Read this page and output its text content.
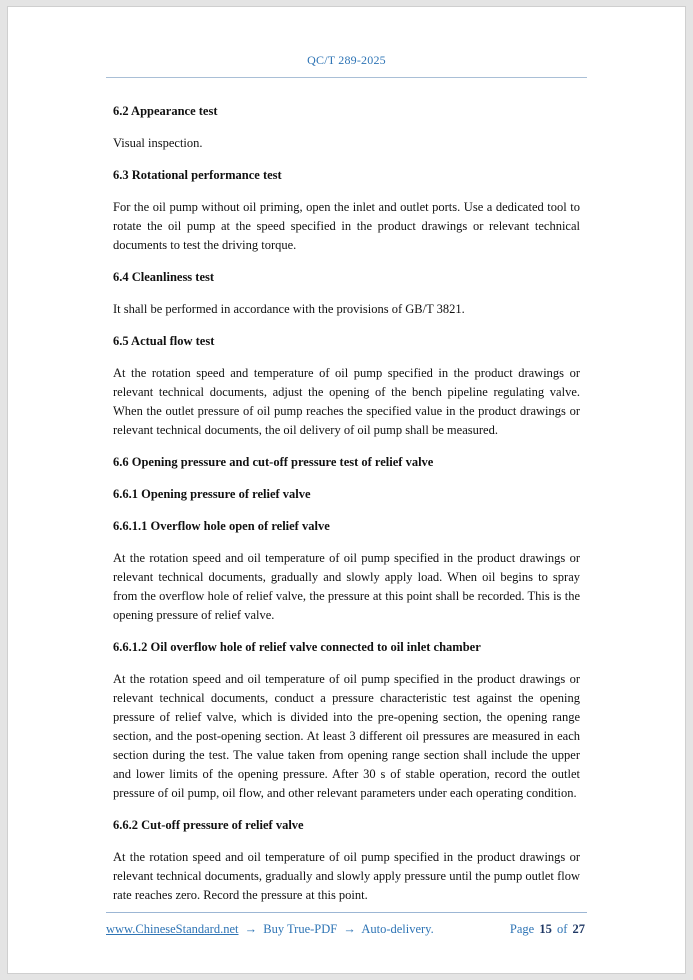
QC/T 289-2025
6.2 Appearance test
Visual inspection.
6.3 Rotational performance test
For the oil pump without oil priming, open the inlet and outlet ports. Use a dedicated tool to rotate the oil pump at the speed specified in the product drawings or relevant technical documents to test the driving torque.
6.4 Cleanliness test
It shall be performed in accordance with the provisions of GB/T 3821.
6.5 Actual flow test
At the rotation speed and temperature of oil pump specified in the product drawings or relevant technical documents, adjust the opening of the bench pipeline regulating valve. When the outlet pressure of oil pump reaches the specified value in the product drawings or relevant technical documents, the oil delivery of oil pump shall be measured.
6.6 Opening pressure and cut-off pressure test of relief valve
6.6.1 Opening pressure of relief valve
6.6.1.1 Overflow hole open of relief valve
At the rotation speed and oil temperature of oil pump specified in the product drawings or relevant technical documents, gradually and slowly apply load. When oil begins to spray from the overflow hole of relief valve, the pressure at this point shall be recorded. This is the opening pressure of relief valve.
6.6.1.2 Oil overflow hole of relief valve connected to oil inlet chamber
At the rotation speed and oil temperature of oil pump specified in the product drawings or relevant technical documents, conduct a pressure characteristic test against the opening pressure of relief valve, which is divided into the pre-opening section, the opening range section, and the post-opening section. At least 3 different oil pressures are measured in each section during the test. The value taken from opening range section shall include the upper and lower limits of the opening pressure. After 30 s of stable operation, record the outlet pressure of oil pump, oil flow, and other relevant parameters under each operating condition.
6.6.2 Cut-off pressure of relief valve
At the rotation speed and oil temperature of oil pump specified in the product drawings or relevant technical documents, gradually and slowly apply pressure until the pump outlet flow rate reaches zero. Record the pressure at this point.
www.ChineseStandard.net → Buy True-PDF → Auto-delivery.	Page 15 of 27
